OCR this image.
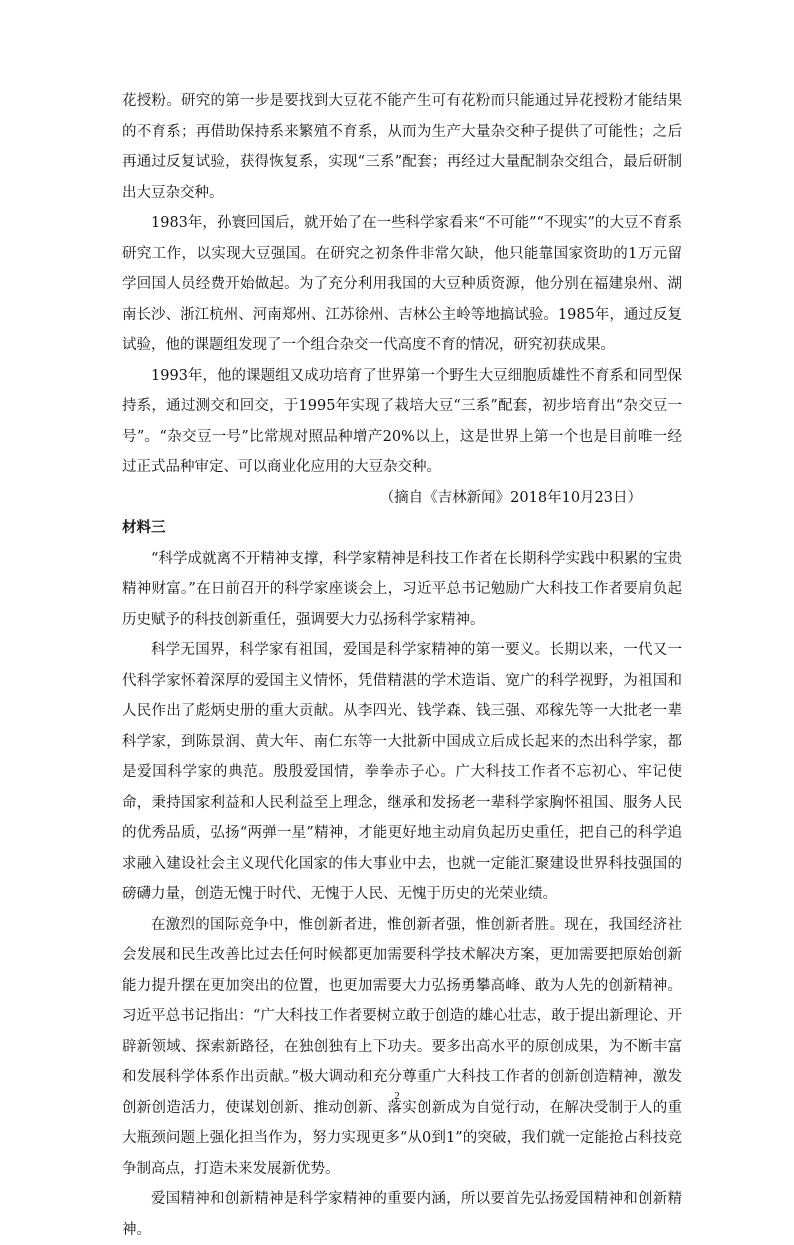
花授粉。研究的第一步是要找到大豆花不能产生可有花粉而只能通过异花授粉才能结果的不育系；再借助保持系来繁殖不育系，从而为生产大量杂交种子提供了可能性；之后再通过反复试验，获得恢复系，实现“三系”配套；再经过大量配制杂交组合，最后研制出大豆杂交种。

1983年，孙寰回国后，就开始了在一些科学家看来“不可能”“不现实”的大豆不育系研究工作，以实现大豆强国。在研究之初条件非常欠缺，他只能靠国家资助的1万元留学回国人员经费开始做起。为了充分利用我国的大豆种质资源，他分别在福建泉州、湖南长沙、浙江杭州、河南郑州、江苏徐州、吉林公主岭等地搞试验。1985年，通过反复试验，他的课题组发现了一个组合杂交一代高度不育的情况，研究初获成果。

1993年，他的课题组又成功培育了世界第一个野生大豆细胞质雄性不育系和同型保持系，通过测交和回交，于1995年实现了栽培大豆“三系”配套，初步培育出“杂交豆一号”。“杂交豆一号”比常规对照品种增产20%以上，这是世界上第一个也是目前唯一经过正式品种审定、可以商业化应用的大豆杂交种。

（摘自《吉林新闻》2018年10月23日）

材料三

“科学成就离不开精神支撑，科学家精神是科技工作者在长期科学实践中积累的宝贵精神财富。”在日前召开的科学家座谈会上，习近平总书记勉励广大科技工作者要肩负起历史赋予的科技创新重任，强调要大力弘扬科学家精神。

科学无国界，科学家有祖国，爱国是科学家精神的第一要义。长期以来，一代又一代科学家怀着深厚的爱国主义情怀，凭借精湛的学术造诣、宽广的科学视野，为祖国和人民作出了彪炳史册的重大贡献。从李四光、钱学森、钱三强、邓稼先等一大批老一辈科学家，到陈景润、黄大年、南仁东等一大批新中国成立后成长起来的杰出科学家，都是爱国科学家的典范。殷殷爱国情，拳拳赤子心。广大科技工作者不忘初心、牢记使命，秉持国家利益和人民利益至上理念，继承和发扬老一辈科学家胸怀祖国、服务人民的优秀品质，弘扬“两弹一星”精神，才能更好地主动肩负起历史重任，把自己的科学追求融入建设社会主义现代化国家的伟大事业中去，也就一定能汇聚建设世界科技强国的磅礴力量，创造无愧于时代、无愧于人民、无愧于历史的光荣业绩。

在激烈的国际竞争中，惟创新者进，惟创新者强，惟创新者胜。现在，我国经济社会发展和民生改善比过去任何时候都更加需要科学技术解决方案，更加需要把原始创新能力提升摆在更加突出的位置，也更加需要大力弘扬勇攀高峰、敢为人先的创新精神。习近平总书记指出：“广大科技工作者要树立敢于创造的雄心壮志，敢于提出新理论、开辟新领域、探索新路径，在独创独有上下功夫。要多出高水平的原创成果，为不断丰富和发展科学体系作出贡献。”极大调动和充分尊重广大科技工作者的创新创造精神，激发创新创造活力，使谋划创新、推动创新、落实创新成为自觉行动，在解决受制于人的重大瓶颈问题上强化担当作为，努力实现更多“从0到1”的突破，我们就一定能抢占科技竞争制高点，打造未来发展新优势。

爱国精神和创新精神是科学家精神的重要内涵，所以要首先弘扬爱国精神和创新精神。

2
